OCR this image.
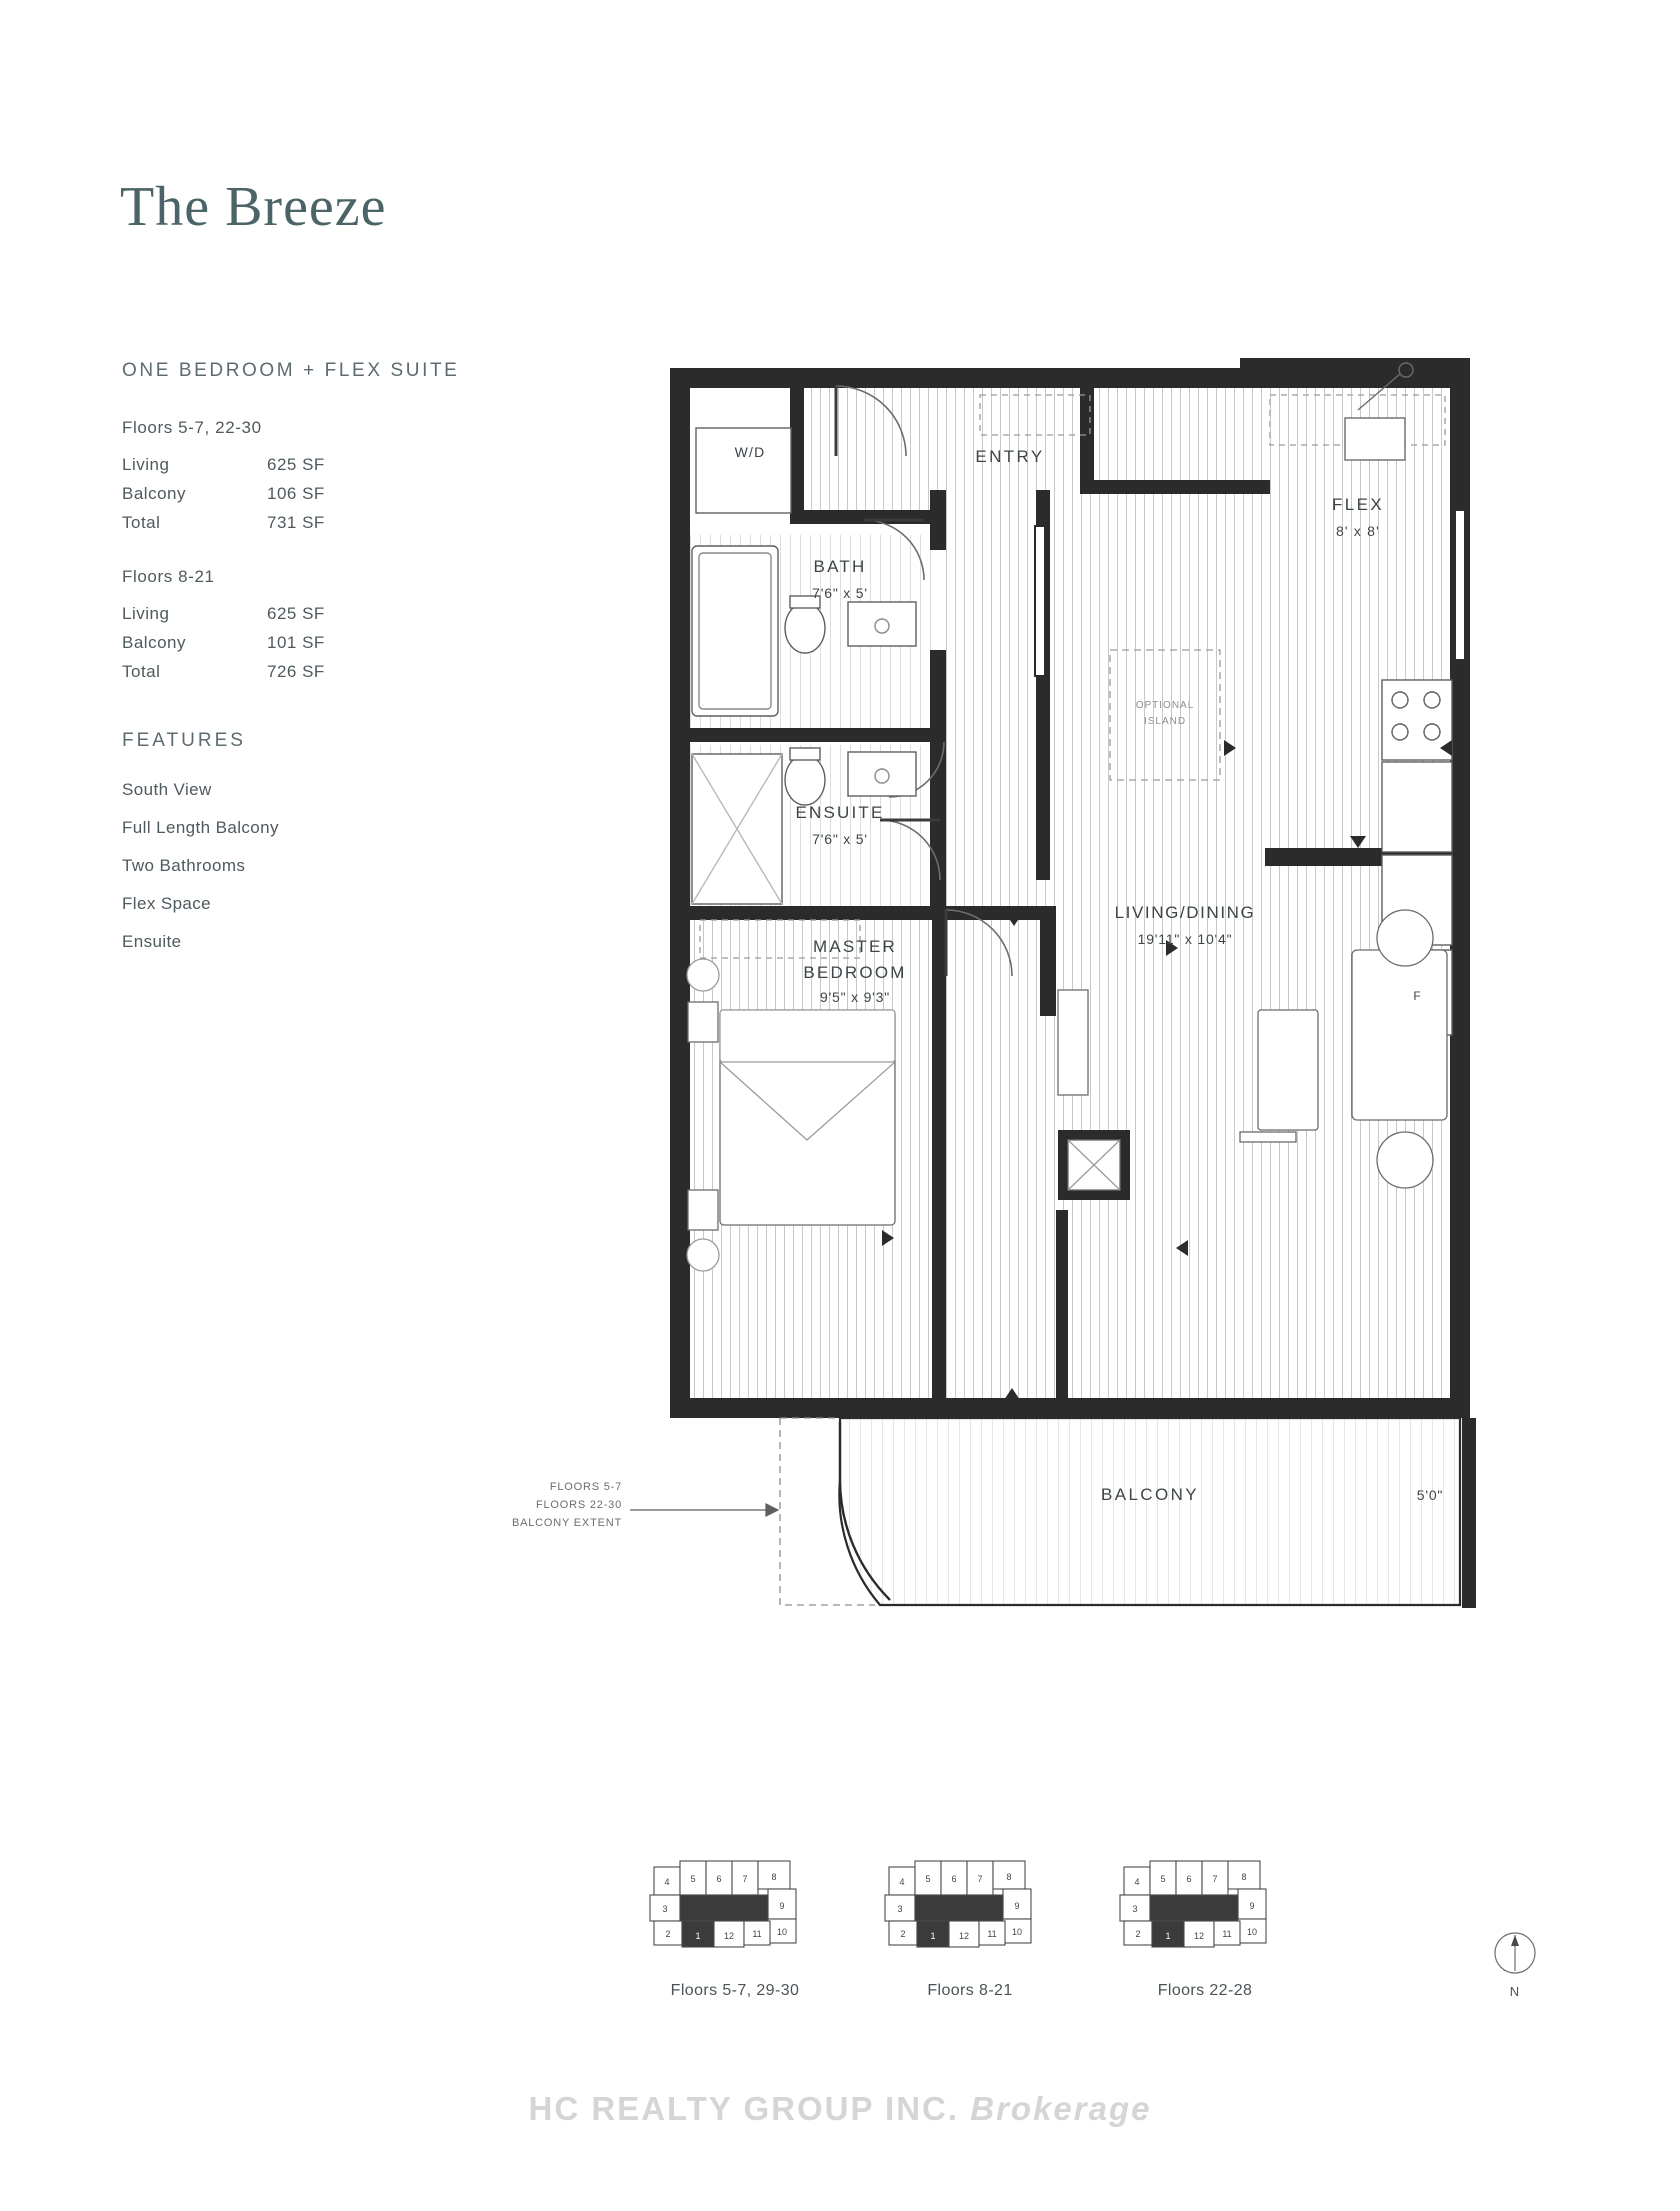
The Breeze
ONE BEDROOM + FLEX SUITE
Floors 5-7, 22-30
Living	625 SF
Balcony	106 SF
Total	731 SF
Floors 8-21
Living	625 SF
Balcony	101 SF
Total	726 SF
FEATURES
South View
Full Length Balcony
Two Bathrooms
Flex Space
Ensuite
W/D	ENTRY
FLEX
8' x 8'
BATH
7'6" x 5'
ENSUITE
7'6" x 5'
MASTER
BEDROOM
9'5" x 9'3"
LIVING/DINING
19'11" x 10'4"
OPTIONAL
ISLAND
F
BALCONY	5'0"
FLOORS 5-7
FLOORS 22-30
BALCONY EXTENT
4 5 6 7	8
3	9
10
2	1	12 11
Floors 5-7, 29-30
4 5 6 7	8
3	9
10
2	1	12 11
Floors 8-21
4 5 6 7	8
3	9
10
2	1	12 11
Floors 22-28	N
HC REALTY GROUP INC. Brokerage
